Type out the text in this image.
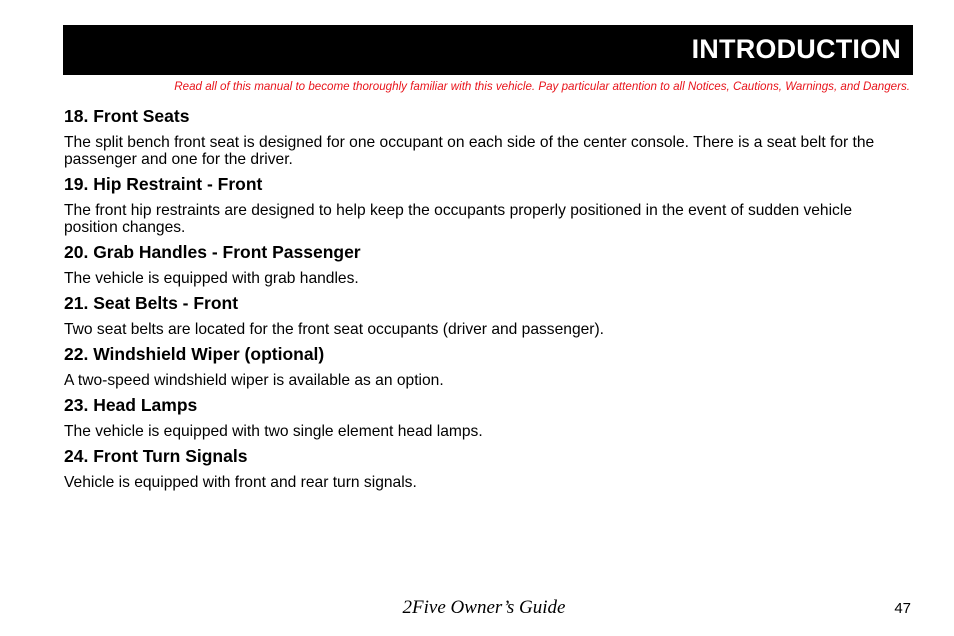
INTRODUCTION
Read all of this manual to become thoroughly familiar with this vehicle. Pay particular attention to all Notices, Cautions, Warnings, and Dangers.
18. Front Seats
The split bench front seat is designed for one occupant on each side of the center console. There is a seat belt for the passenger and one for the driver.
19. Hip Restraint - Front
The front hip restraints are designed to help keep the occupants properly positioned in the event of sudden vehicle position changes.
20. Grab Handles - Front Passenger
The vehicle is equipped with grab handles.
21. Seat Belts - Front
Two seat belts are located for the front seat occupants (driver and passenger).
22. Windshield Wiper (optional)
A two-speed windshield wiper is available as an option.
23. Head Lamps
The vehicle is equipped with two single element head lamps.
24. Front Turn Signals
Vehicle is equipped with front and rear turn signals.
2Five Owner’s Guide	47
